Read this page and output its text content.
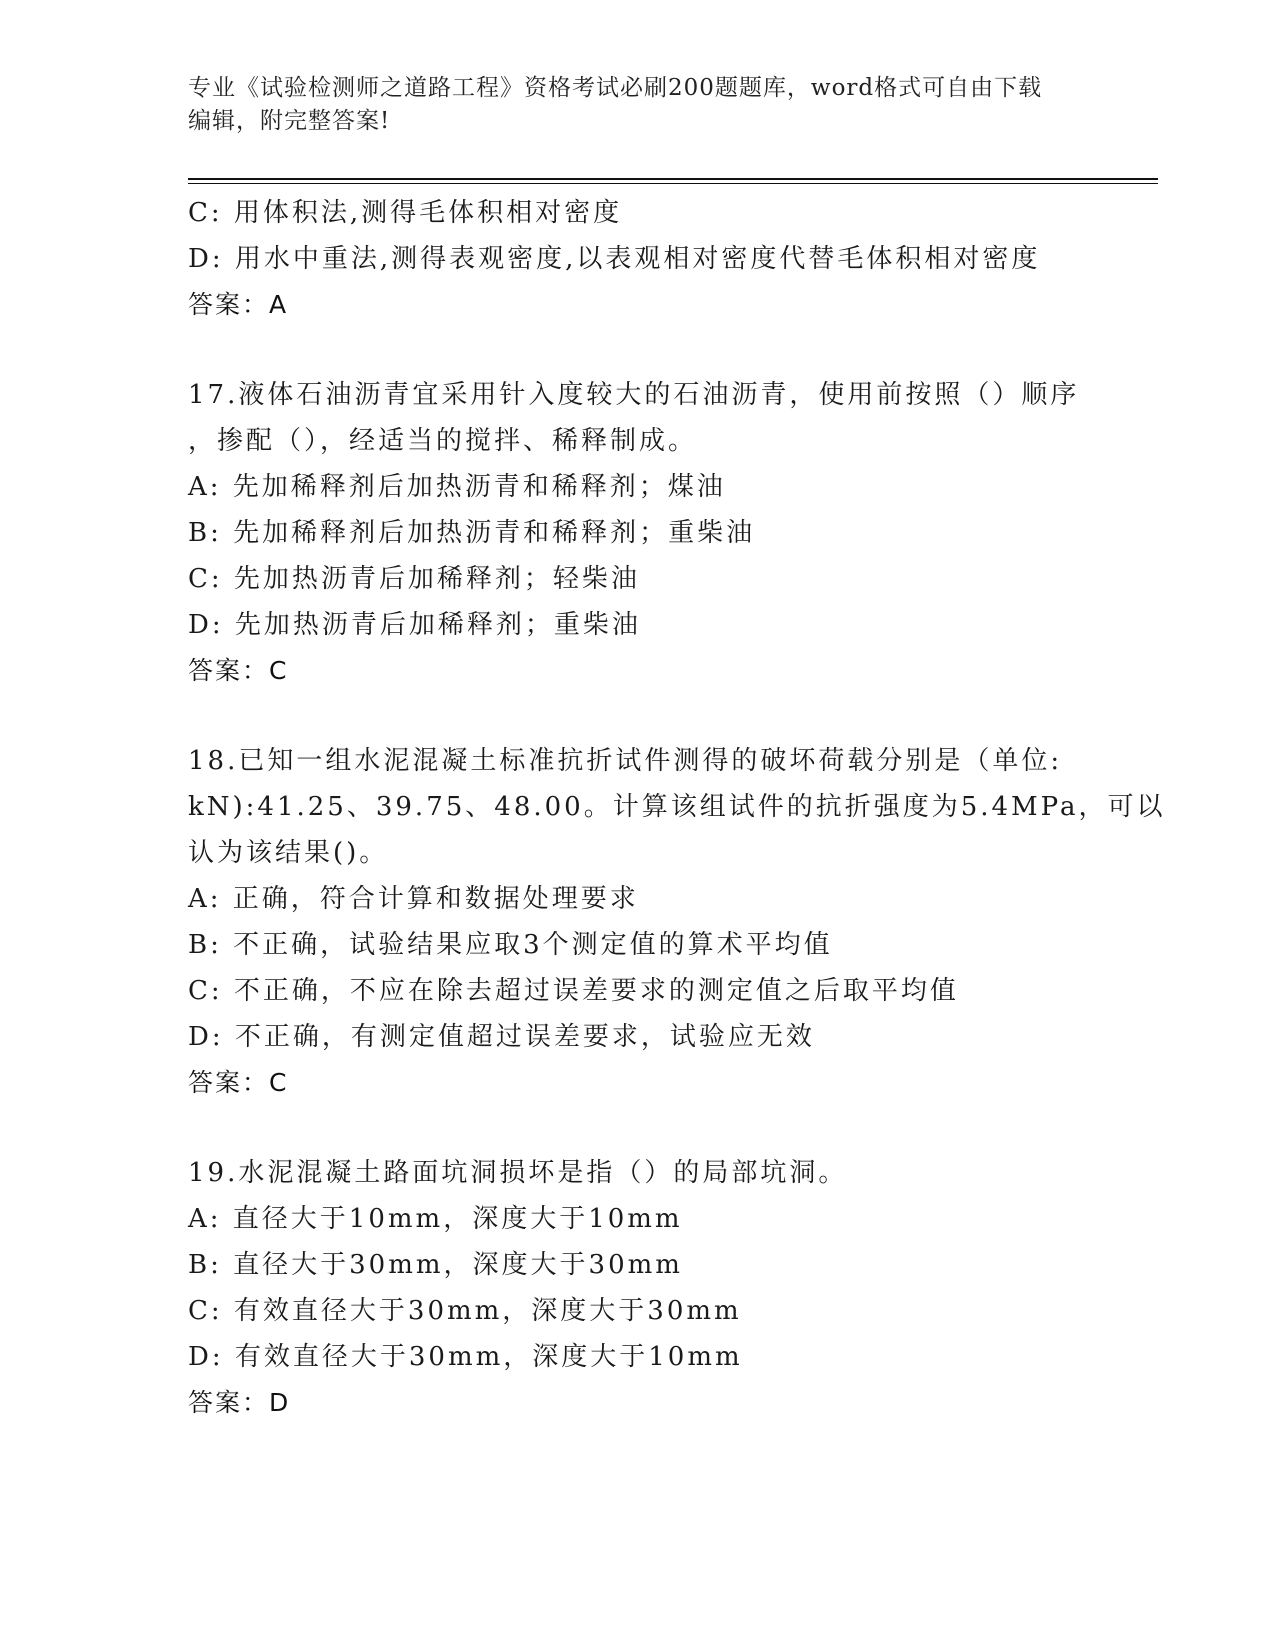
专业《试验检测师之道路工程》资格考试必刷200题题库，word格式可自由下载
编辑，附完整答案!
C: 用体积法,测得毛体积相对密度
D: 用水中重法,测得表观密度,以表观相对密度代替毛体积相对密度
答案：A
17.液体石油沥青宜采用针入度较大的石油沥青，使用前按照（）顺序
，掺配（），经适当的搅拌、稀释制成。
A: 先加稀释剂后加热沥青和稀释剂；煤油
B: 先加稀释剂后加热沥青和稀释剂；重柴油
C: 先加热沥青后加稀释剂；轻柴油
D: 先加热沥青后加稀释剂；重柴油
答案：C
18.已知一组水泥混凝土标准抗折试件测得的破坏荷载分别是（单位:
kN):41.25、39.75、48.00。计算该组试件的抗折强度为5.4MPa，可以
认为该结果()。
A: 正确，符合计算和数据处理要求
B: 不正确，试验结果应取3个测定值的算术平均值
C: 不正确，不应在除去超过误差要求的测定值之后取平均值
D: 不正确，有测定值超过误差要求，试验应无效
答案：C
19.水泥混凝土路面坑洞损坏是指（）的局部坑洞。
A: 直径大于10mm，深度大于10mm
B: 直径大于30mm，深度大于30mm
C: 有效直径大于30mm，深度大于30mm
D: 有效直径大于30mm，深度大于10mm
答案：D
